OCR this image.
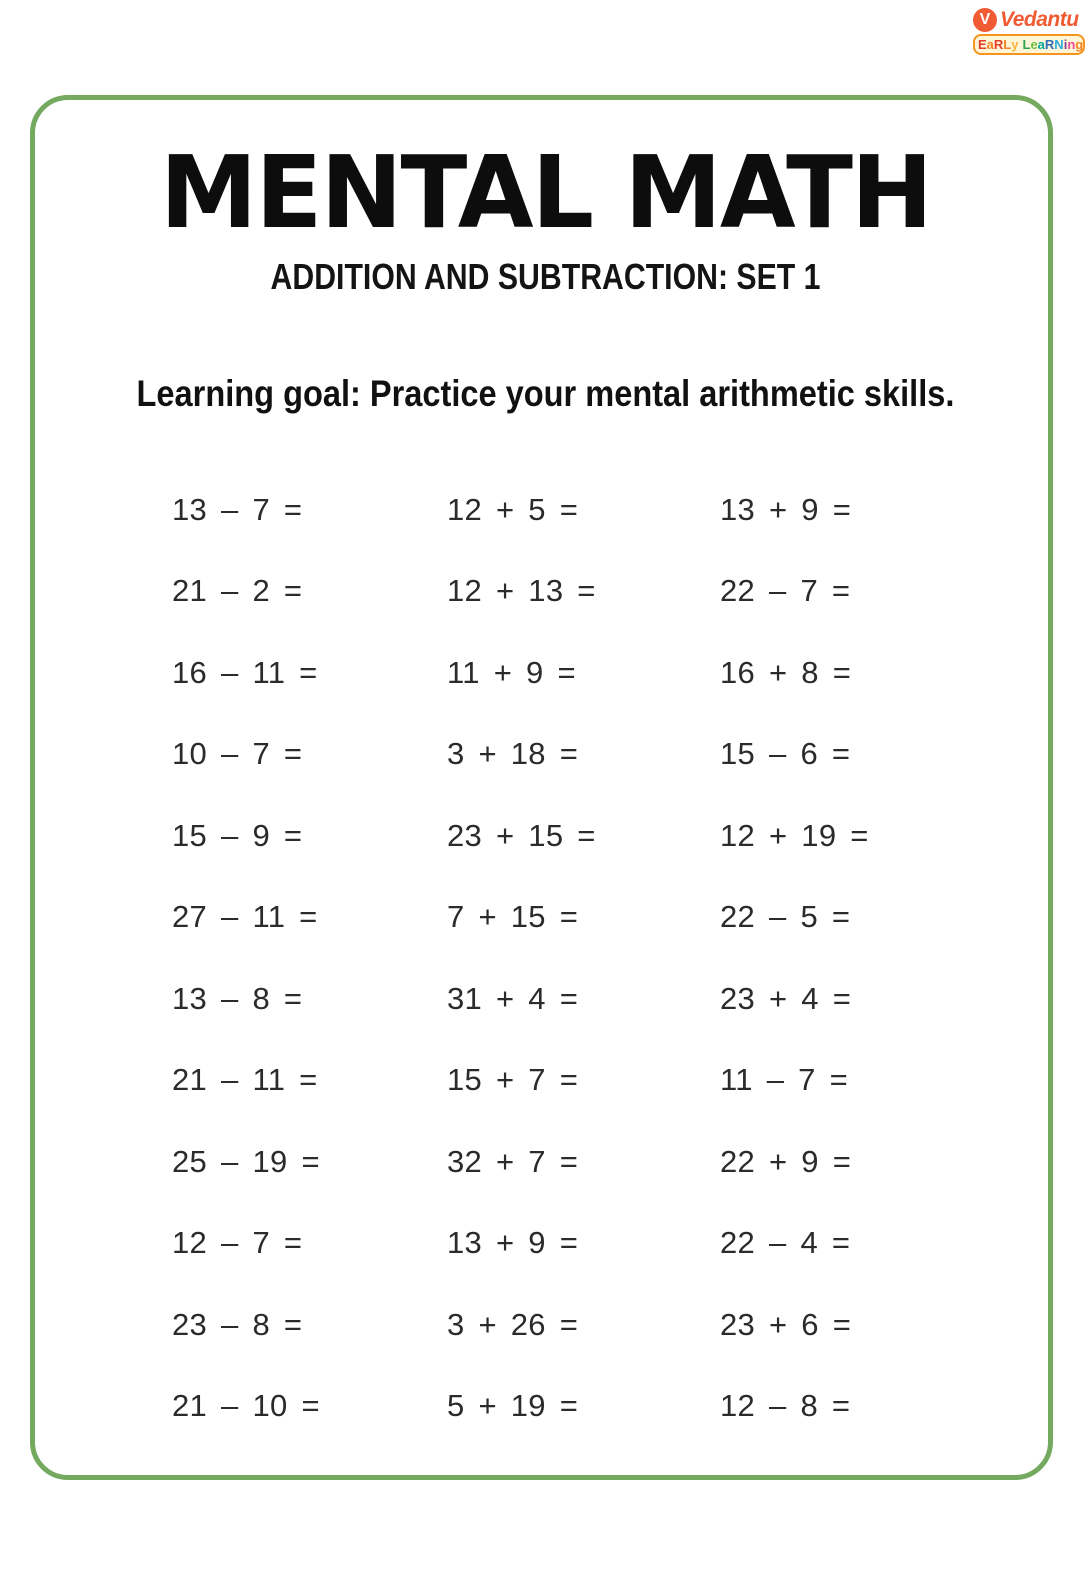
V Vedantu
EaRLy LeaRNing
MENTAL MATH
ADDITION AND SUBTRACTION: SET 1
Learning goal: Practice your mental arithmetic skills.
13 – 7 =	12 + 5 =	13 + 9 =
21 – 2 =	12 + 13 =	22 – 7 =
16 – 11 =	11 + 9 =	16 + 8 =
10 – 7 =	3 + 18 =	15 – 6 =
15 – 9 =	23 + 15 =	12 + 19 =
27 – 11 =	7 + 15 =	22 – 5 =
13 – 8 =	31 + 4 =	23 + 4 =
21 – 11 =	15 + 7 =	11 – 7 =
25 – 19 =	32 + 7 =	22 + 9 =
12 – 7 =	13 + 9 =	22 – 4 =
23 – 8 =	3 + 26 =	23 + 6 =
21 – 10 =	5 + 19 =	12 – 8 =
